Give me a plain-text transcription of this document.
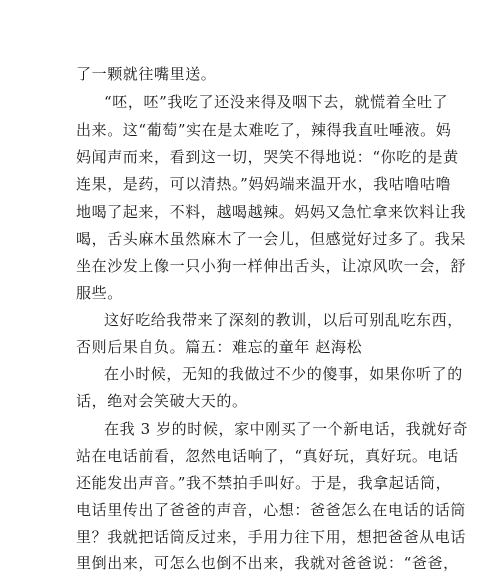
了一颗就往嘴里送。

“呸，呸”我吃了还没来得及咽下去，就慌着全吐了

出来。这“葡萄”实在是太难吃了，辣得我直吐唾液。妈

妈闻声而来，看到这一切，哭笑不得地说：“你吃的是黄

连果，是药，可以清热。”妈妈端来温开水，我咕噜咕噜

地喝了起来，不料，越喝越辣。妈妈又急忙拿来饮料让我

喝，舌头麻木虽然麻木了一会儿，但感觉好过多了。我呆

坐在沙发上像一只小狗一样伸出舌头，让凉风吹一会，舒

服些。

这好吃给我带来了深刻的教训，以后可别乱吃东西，

否则后果自负。篇五：难忘的童年 赵海松

在小时候，无知的我做过不少的傻事，如果你听了的

话，绝对会笑破大天的。

在我 3 岁的时候，家中刚买了一个新电话，我就好奇

站在电话前看，忽然电话响了，“真好玩，真好玩。电话

还能发出声音。”我不禁拍手叫好。于是，我拿起话筒，

电话里传出了爸爸的声音，心想：爸爸怎么在电话的话筒

里？我就把话筒反过来，手用力往下用，想把爸爸从电话

里倒出来，可怎么也倒不出来，我就对爸爸说：“爸爸，
